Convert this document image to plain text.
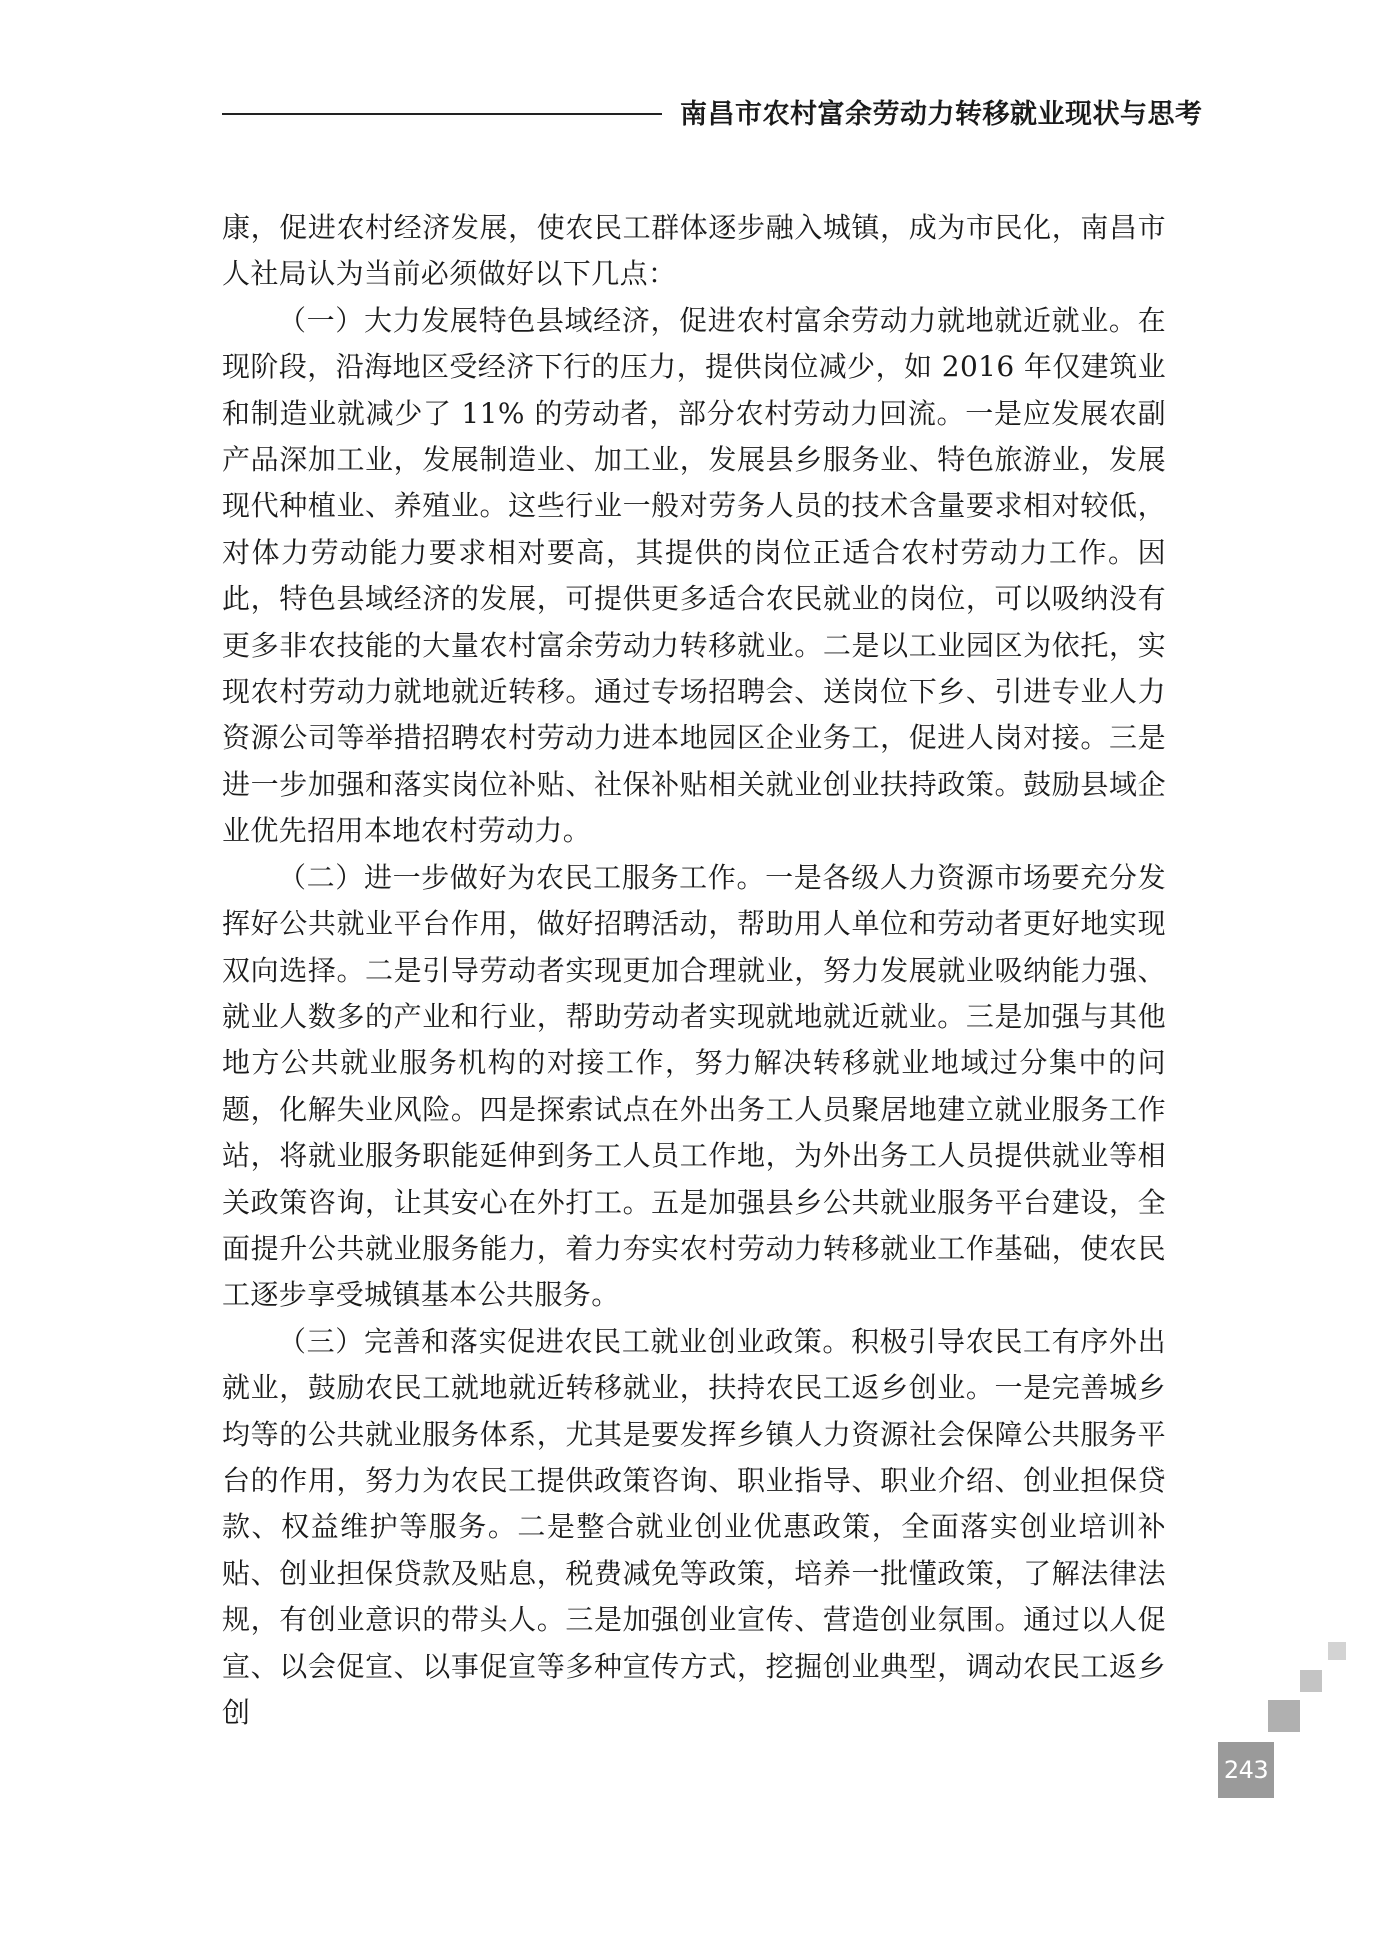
南昌市农村富余劳动力转移就业现状与思考

康，促进农村经济发展，使农民工群体逐步融入城镇，成为市民化，南昌市人社局认为当前必须做好以下几点：

（一）大力发展特色县域经济，促进农村富余劳动力就地就近就业。在现阶段，沿海地区受经济下行的压力，提供岗位减少，如 2016 年仅建筑业和制造业就减少了 11% 的劳动者，部分农村劳动力回流。一是应发展农副产品深加工业，发展制造业、加工业，发展县乡服务业、特色旅游业，发展现代种植业、养殖业。这些行业一般对劳务人员的技术含量要求相对较低，对体力劳动能力要求相对要高，其提供的岗位正适合农村劳动力工作。因此，特色县域经济的发展，可提供更多适合农民就业的岗位，可以吸纳没有更多非农技能的大量农村富余劳动力转移就业。二是以工业园区为依托，实现农村劳动力就地就近转移。通过专场招聘会、送岗位下乡、引进专业人力资源公司等举措招聘农村劳动力进本地园区企业务工，促进人岗对接。三是进一步加强和落实岗位补贴、社保补贴相关就业创业扶持政策。鼓励县域企业优先招用本地农村劳动力。

（二）进一步做好为农民工服务工作。一是各级人力资源市场要充分发挥好公共就业平台作用，做好招聘活动，帮助用人单位和劳动者更好地实现双向选择。二是引导劳动者实现更加合理就业，努力发展就业吸纳能力强、就业人数多的产业和行业，帮助劳动者实现就地就近就业。三是加强与其他地方公共就业服务机构的对接工作，努力解决转移就业地域过分集中的问题，化解失业风险。四是探索试点在外出务工人员聚居地建立就业服务工作站，将就业服务职能延伸到务工人员工作地，为外出务工人员提供就业等相关政策咨询，让其安心在外打工。五是加强县乡公共就业服务平台建设，全面提升公共就业服务能力，着力夯实农村劳动力转移就业工作基础，使农民工逐步享受城镇基本公共服务。

（三）完善和落实促进农民工就业创业政策。积极引导农民工有序外出就业，鼓励农民工就地就近转移就业，扶持农民工返乡创业。一是完善城乡均等的公共就业服务体系，尤其是要发挥乡镇人力资源社会保障公共服务平台的作用，努力为农民工提供政策咨询、职业指导、职业介绍、创业担保贷款、权益维护等服务。二是整合就业创业优惠政策，全面落实创业培训补贴、创业担保贷款及贴息，税费减免等政策，培养一批懂政策，了解法律法规，有创业意识的带头人。三是加强创业宣传、营造创业氛围。通过以人促宣、以会促宣、以事促宣等多种宣传方式，挖掘创业典型，调动农民工返乡创

243
